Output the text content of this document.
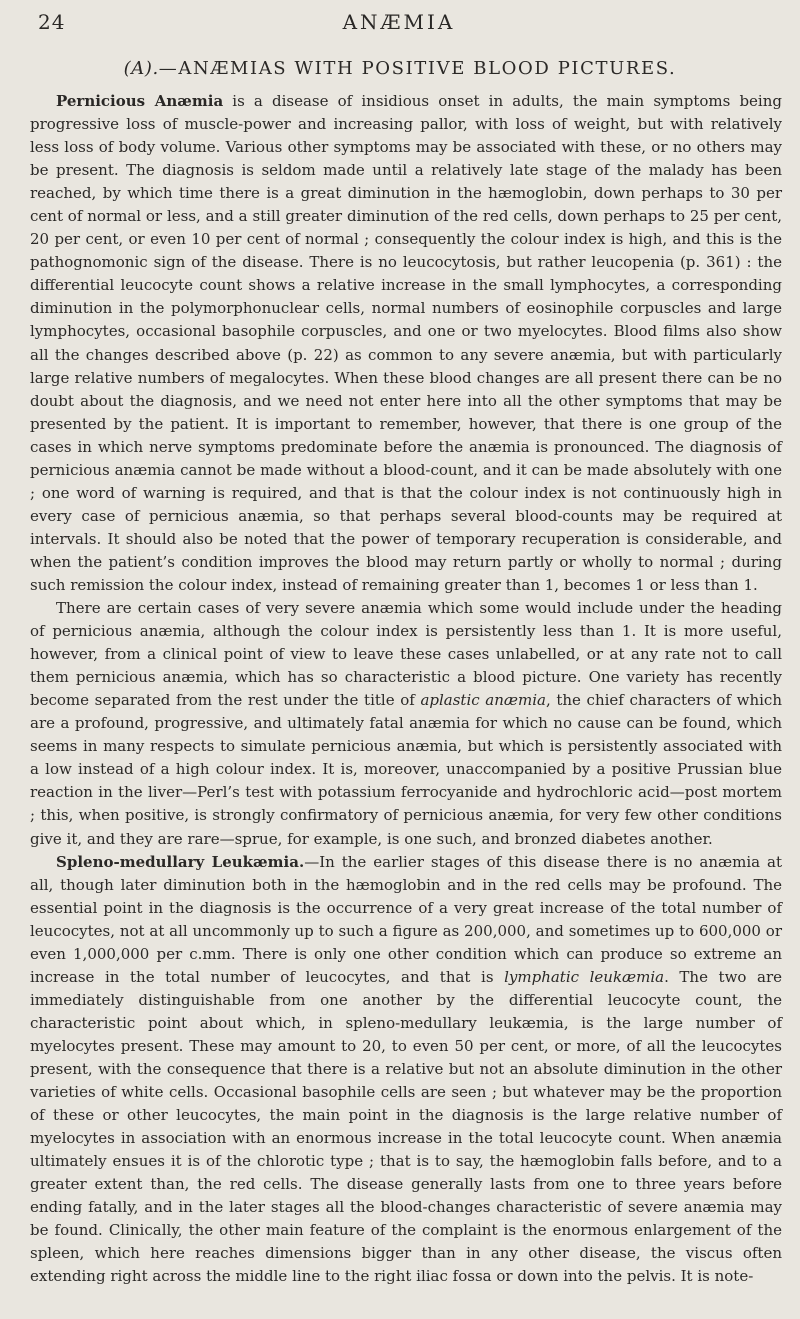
24	ANÆMIA
(A).—ANÆMIAS WITH POSITIVE BLOOD PICTURES.

Pernicious Anæmia is a disease of insidious onset in adults, the main symptoms being progressive loss of muscle-power and increasing pallor, with loss of weight, but with relatively less loss of body volume. Various other symptoms may be associated with these, or no others may be present. The diagnosis is seldom made until a relatively late stage of the malady has been reached, by which time there is a great diminution in the hæmoglobin, down perhaps to 30 per cent of normal or less, and a still greater diminution of the red cells, down perhaps to 25 per cent, 20 per cent, or even 10 per cent of normal ; consequently the colour index is high, and this is the pathognomonic sign of the disease. There is no leucocytosis, but rather leucopenia (p. 361) : the differential leucocyte count shows a relative increase in the small lymphocytes, a corresponding diminution in the polymorphonuclear cells, normal numbers of eosinophile corpuscles and large lymphocytes, occasional basophile corpuscles, and one or two myelocytes. Blood films also show all the changes described above (p. 22) as common to any severe anæmia, but with particularly large relative numbers of megalocytes. When these blood changes are all present there can be no doubt about the diagnosis, and we need not enter here into all the other symptoms that may be presented by the patient. It is important to remember, however, that there is one group of the cases in which nerve symptoms predominate before the anæmia is pronounced. The diagnosis of pernicious anæmia cannot be made without a blood-count, and it can be made absolutely with one ; one word of warning is required, and that is that the colour index is not continuously high in every case of pernicious anæmia, so that perhaps several blood-counts may be required at intervals. It should also be noted that the power of temporary recuperation is considerable, and when the patient’s condition improves the blood may return partly or wholly to normal ; during such remission the colour index, instead of remaining greater than 1, becomes 1 or less than 1.

There are certain cases of very severe anæmia which some would include under the heading of pernicious anæmia, although the colour index is persistently less than 1. It is more useful, however, from a clinical point of view to leave these cases unlabelled, or at any rate not to call them pernicious anæmia, which has so characteristic a blood picture. One variety has recently become separated from the rest under the title of aplastic anæmia, the chief characters of which are a profound, progressive, and ultimately fatal anæmia for which no cause can be found, which seems in many respects to simulate pernicious anæmia, but which is persistently associated with a low instead of a high colour index. It is, moreover, unaccompanied by a positive Prussian blue reaction in the liver—Perl’s test with potassium ferrocyanide and hydrochloric acid—post mortem ; this, when positive, is strongly confirmatory of pernicious anæmia, for very few other conditions give it, and they are rare—sprue, for example, is one such, and bronzed diabetes another.

Spleno-medullary Leukæmia.—In the earlier stages of this disease there is no anæmia at all, though later diminution both in the hæmoglobin and in the red cells may be profound. The essential point in the diagnosis is the occurrence of a very great increase of the total number of leucocytes, not at all uncommonly up to such a figure as 200,000, and sometimes up to 600,000 or even 1,000,000 per c.mm. There is only one other condition which can produce so extreme an increase in the total number of leucocytes, and that is lymphatic leukæmia. The two are immediately distinguishable from one another by the differential leucocyte count, the characteristic point about which, in spleno-medullary leukæmia, is the large number of myelocytes present. These may amount to 20, to even 50 per cent, or more, of all the leucocytes present, with the consequence that there is a relative but not an absolute diminution in the other varieties of white cells. Occasional basophile cells are seen ; but whatever may be the proportion of these or other leucocytes, the main point in the diagnosis is the large relative number of myelocytes in association with an enormous increase in the total leucocyte count. When anæmia ultimately ensues it is of the chlorotic type ; that is to say, the hæmoglobin falls before, and to a greater extent than, the red cells. The disease generally lasts from one to three years before ending fatally, and in the later stages all the blood-changes characteristic of severe anæmia may be found. Clinically, the other main feature of the complaint is the enormous enlargement of the spleen, which here reaches dimensions bigger than in any other disease, the viscus often extending right across the middle line to the right iliac fossa or down into the pelvis. It is note-
